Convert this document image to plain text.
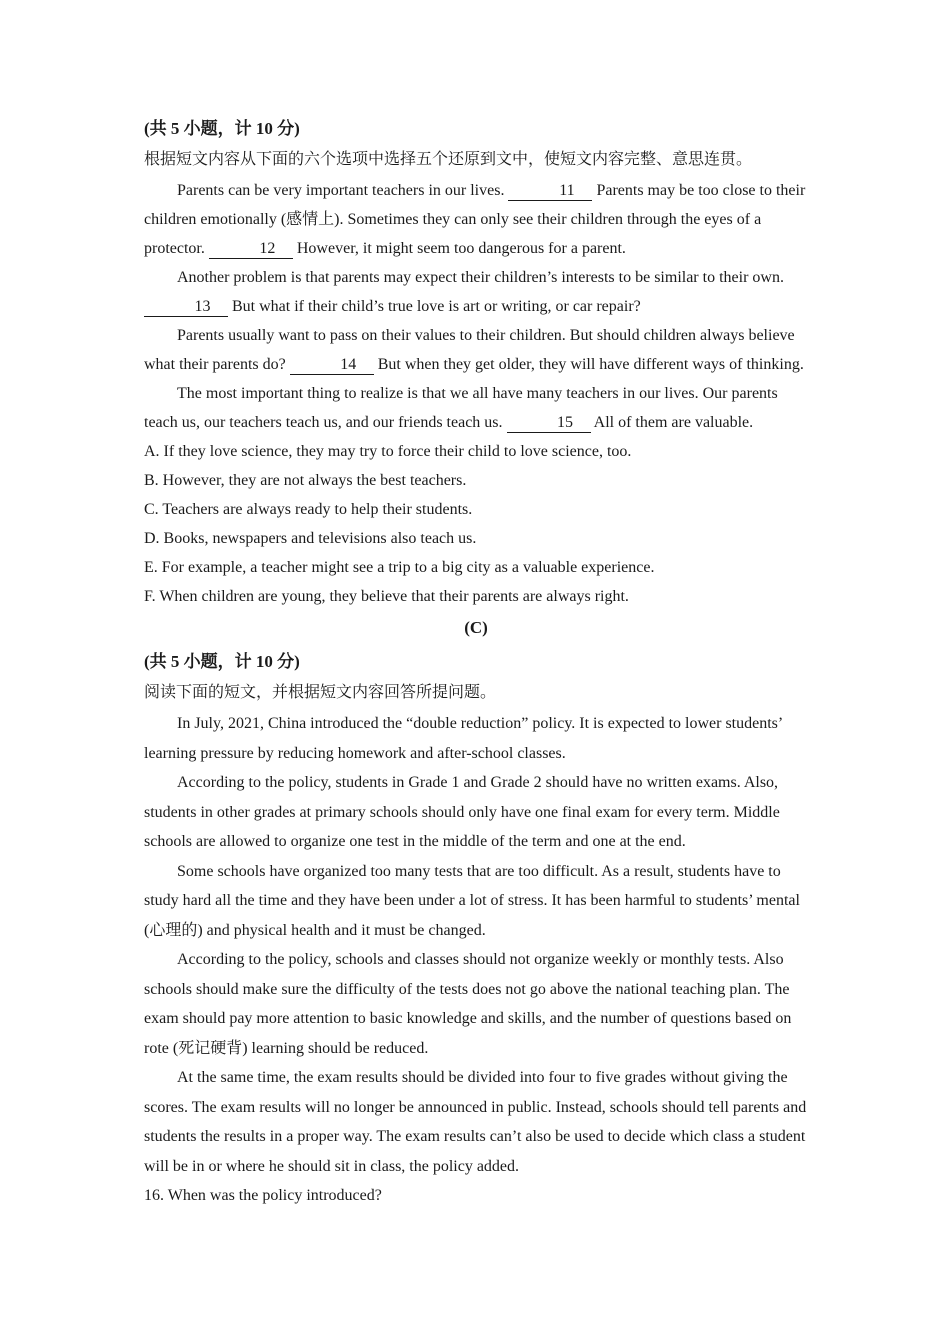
(共 5 小题，计 10 分)
根据短文内容从下面的六个选项中选择五个还原到文中，使短文内容完整、意思连贯。
Parents can be very important teachers in our lives.	11 Parents may be too close to their children emotionally (感情上). Sometimes they can only see their children through the eyes of a protector.	12 However, it might seem too dangerous for a parent.
Another problem is that parents may expect their children’s interests to be similar to their own. 13 But what if their child’s true love is art or writing, or car repair?
Parents usually want to pass on their values to their children. But should children always believe what their parents do?	14 But when they get older, they will have different ways of thinking.
The most important thing to realize is that we all have many teachers in our lives. Our parents teach us, our teachers teach us, and our friends teach us.	15 All of them are valuable.
A. If they love science, they may try to force their child to love science, too.
B. However, they are not always the best teachers.
C. Teachers are always ready to help their students.
D. Books, newspapers and televisions also teach us.
E. For example, a teacher might see a trip to a big city as a valuable experience.
F. When children are young, they believe that their parents are always right.
(C)
(共 5 小题，计 10 分)
阅读下面的短文，并根据短文内容回答所提问题。
In July, 2021, China introduced the “double reduction” policy. It is expected to lower students’ learning pressure by reducing homework and after-school classes.
According to the policy, students in Grade 1 and Grade 2 should have no written exams. Also, students in other grades at primary schools should only have one final exam for every term. Middle schools are allowed to organize one test in the middle of the term and one at the end.
Some schools have organized too many tests that are too difficult. As a result, students have to study hard all the time and they have been under a lot of stress. It has been harmful to students’ mental (心理的) and physical health and it must be changed.
According to the policy, schools and classes should not organize weekly or monthly tests. Also schools should make sure the difficulty of the tests does not go above the national teaching plan. The exam should pay more attention to basic knowledge and skills, and the number of questions based on rote (死记硬背) learning should be reduced.
At the same time, the exam results should be divided into four to five grades without giving the scores. The exam results will no longer be announced in public. Instead, schools should tell parents and students the results in a proper way. The exam results can’t also be used to decide which class a student will be in or where he should sit in class, the policy added.
16. When was the policy introduced?
